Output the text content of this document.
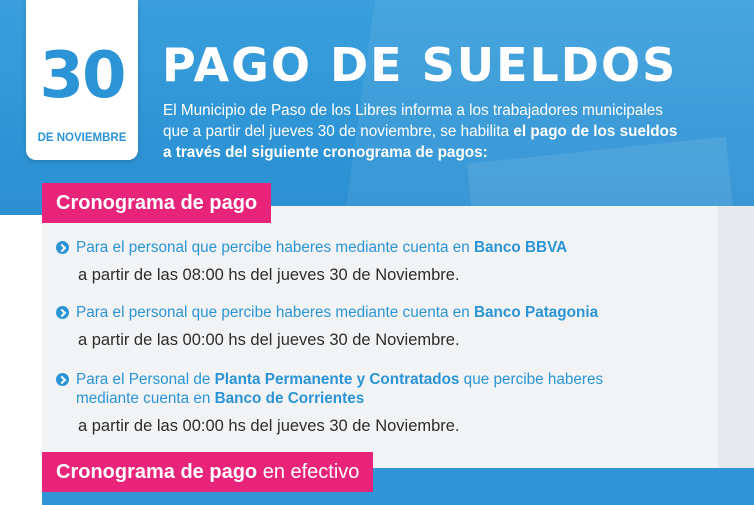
30
DE NOVIEMBRE
PAGO DE SUELDOS
El Municipio de Paso de los Libres informa a los trabajadores municipales
que a partir del jueves 30 de noviembre, se habilita el pago de los sueldos
a través del siguiente cronograma de pagos:
Cronograma de pago
Para el personal que percibe haberes mediante cuenta en Banco BBVA
a partir de las 08:00 hs del jueves 30 de Noviembre.
Para el personal que percibe haberes mediante cuenta en Banco Patagonia
a partir de las 00:00 hs del jueves 30 de Noviembre.
Para el Personal de Planta Permanente y Contratados que percibe haberes
mediante cuenta en Banco de Corrientes
a partir de las 00:00 hs del jueves 30 de Noviembre.
Cronograma de pago en efectivo
